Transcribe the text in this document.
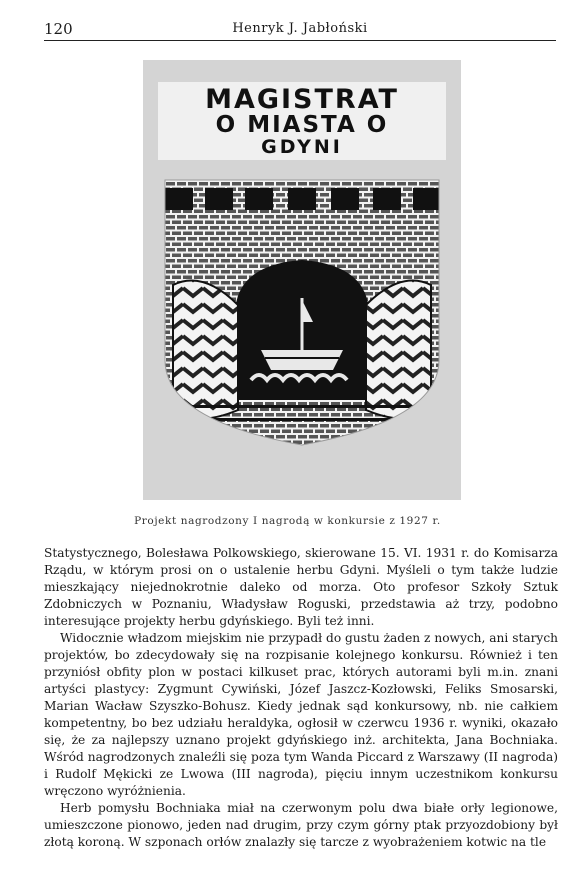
120	Henryk J. Jabłoński
MAGISTRAT
O MIASTA O
GDYNI
Projekt nagrodzony I nagrodą w konkursie z 1927 r.

Statystycznego, Bolesława Polkowskiego, skierowane 15. VI. 1931 r. do Komisarza Rządu, w którym prosi on o ustalenie herbu Gdyni. Myśleli o tym także ludzie mieszkający niejednokrotnie daleko od morza. Oto profesor Szkoły Sztuk Zdobniczych w Poznaniu, Władysław Roguski, przedstawia aż trzy, podobno interesujące projekty herbu gdyńskiego. Byli też inni.

Widocznie władzom miejskim nie przypadł do gustu żaden z nowych, ani starych projektów, bo zdecydowały się na rozpisanie kolejnego konkursu. Również i ten przyniósł obfity plon w postaci kilkuset prac, których autorami byli m.in. znani artyści plastycy: Zygmunt Cywiński, Józef Jaszcz-Kozłowski, Feliks Smosarski, Marian Wacław Szyszko-Bohusz. Kiedy jednak sąd konkursowy, nb. nie całkiem kompetentny, bo bez udziału heraldyka, ogłosił w czerwcu 1936 r. wyniki, okazało się, że za najlepszy uznano projekt gdyńskiego inż. architekta, Jana Bochniaka. Wśród nagrodzonych znaleźli się poza tym Wanda Piccard z Warszawy (II nagroda) i Rudolf Mękicki ze Lwowa (III nagroda), pięciu innym uczestnikom konkursu wręczono wyróżnienia.

Herb pomysłu Bochniaka miał na czerwonym polu dwa białe orły legionowe, umieszczone pionowo, jeden nad drugim, przy czym górny ptak przyozdobiony był złotą koroną. W szponach orłów znalazły się tarcze z wyobrażeniem kotwic na tle
